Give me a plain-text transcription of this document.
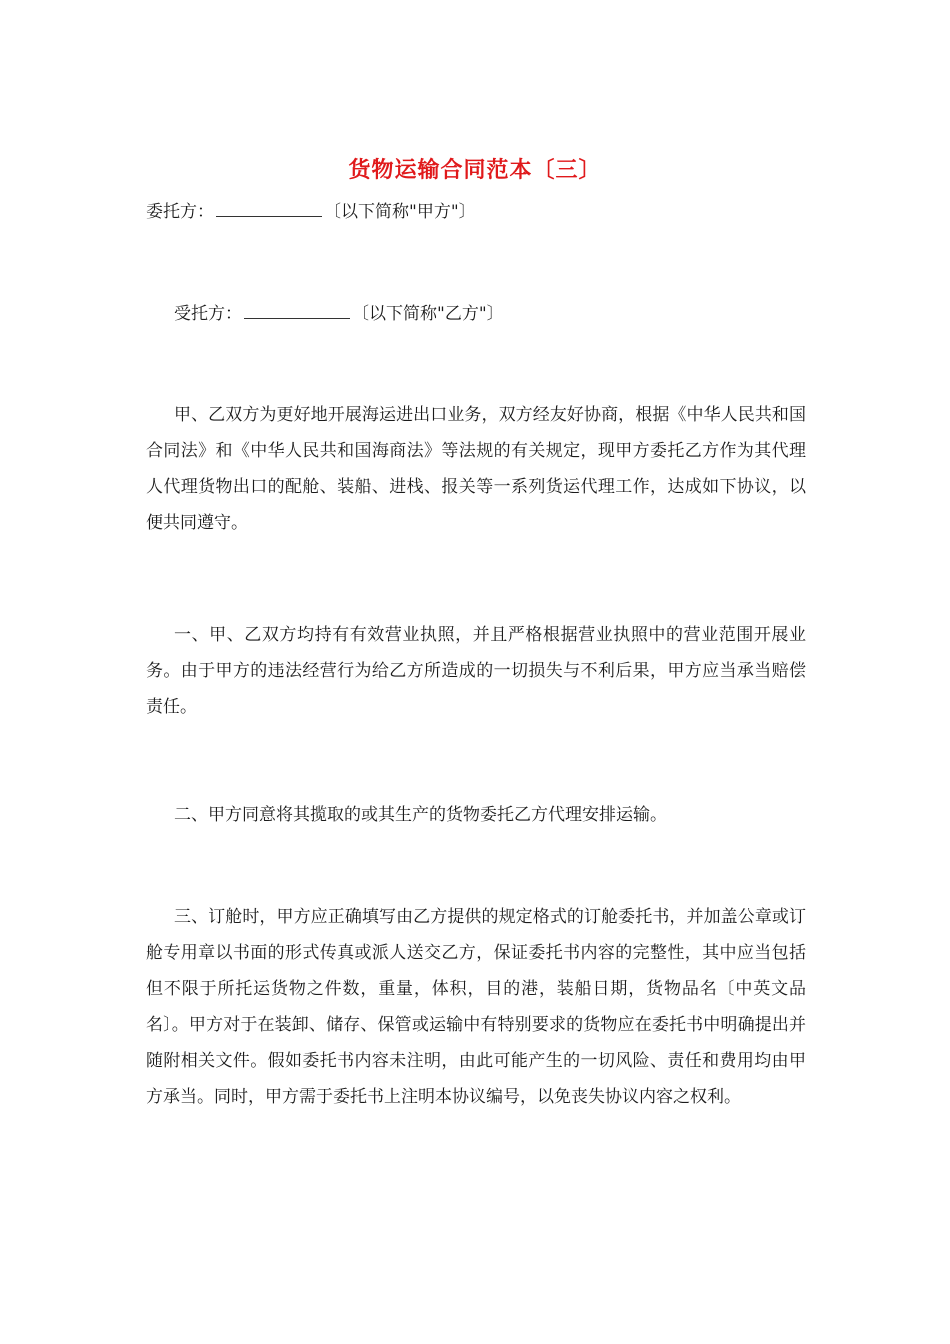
货物运输合同范本〔三〕
委托方：	〔以下简称"甲方"〕
受托方：	〔以下简称"乙方"〕

甲、乙双方为更好地开展海运进出口业务，双方经友好协商，根据《中华人民共和国合同法》和《中华人民共和国海商法》等法规的有关规定，现甲方委托乙方作为其代理人代理货物出口的配舱、装船、进栈、报关等一系列货运代理工作，达成如下协议，以便共同遵守。

一、甲、乙双方均持有有效营业执照，并且严格根据营业执照中的营业范围开展业务。由于甲方的违法经营行为给乙方所造成的一切损失与不利后果，甲方应当承当赔偿责任。

二、甲方同意将其揽取的或其生产的货物委托乙方代理安排运输。

三、订舱时，甲方应正确填写由乙方提供的规定格式的订舱委托书，并加盖公章或订舱专用章以书面的形式传真或派人送交乙方，保证委托书内容的完整性，其中应当包括但不限于所托运货物之件数，重量，体积，目的港，装船日期，货物品名〔中英文品名〕。甲方对于在装卸、储存、保管或运输中有特别要求的货物应在委托书中明确提出并随附相关文件。假如委托书内容未注明，由此可能产生的一切风险、责任和费用均由甲方承当。同时，甲方需于委托书上注明本协议编号，以免丧失协议内容之权利。
